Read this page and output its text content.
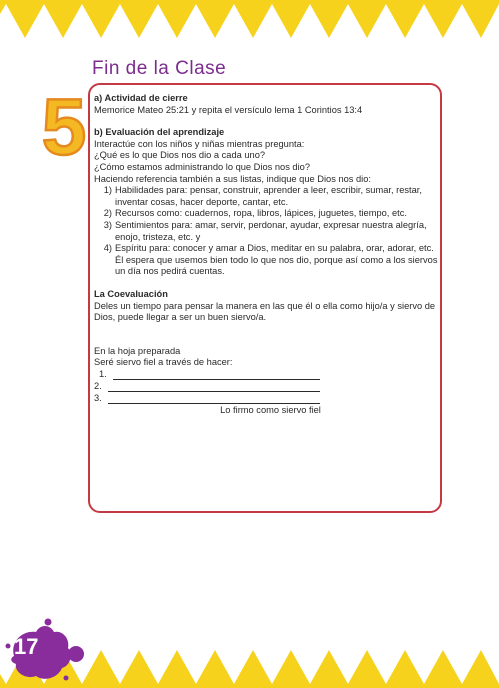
Fin de la Clase
5 a) Actividad de cierre

Memorice Mateo 25:21 y repita el versículo lema 1 Corintios 13:4

b) Evaluación del aprendizaje

Interactúe con los niños y niñas mientras pregunta:

¿Qué es lo que Dios nos dio a cada uno?

¿Cómo estamos administrando lo que Dios nos dio?

Haciendo referencia también a sus listas, indique que Dios nos dio:

1) Habilidades para: pensar, construir, aprender a leer, escribir, sumar, restar, inventar cosas, hacer deporte, cantar, etc.
2) Recursos como: cuadernos, ropa, libros, lápices, juguetes, tiempo, etc.
3) Sentimientos para: amar, servir, perdonar, ayudar, expresar nuestra alegría, enojo, tristeza, etc. y
4) Espíritu para: conocer y amar a Dios, meditar en su palabra, orar, adorar, etc. Él espera que usemos bien todo lo que nos dio, porque así como a los siervos un día nos pedirá cuentas.

La Coevaluación

Deles un tiempo para pensar la manera en las que él o ella como hijo/a y siervo de Dios, puede llegar a ser un buen siervo/a.

En la hoja preparada

Seré siervo fiel a través de hacer:

1.
2.
3.

Lo firmo como siervo fiel

17
